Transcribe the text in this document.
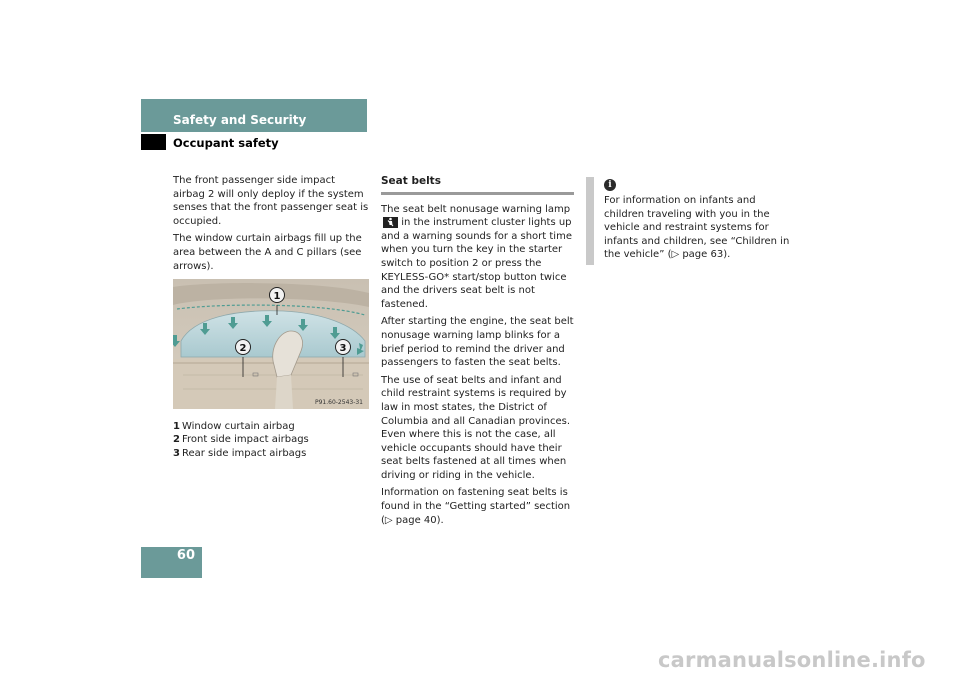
Safety and Security
Occupant safety

The front passenger side impact airbag 2 will only deploy if the system senses that the front passenger seat is occupied.

The window curtain airbags fill up the area between the A and C pillars (see arrows).

1
2	3
P91.60-2543-31
1 Window curtain airbag
2 Front side impact airbags
3 Rear side impact airbags
Seat belts

The seat belt nonusage warning lamp  in the instrument cluster lights up and a warning sounds for a short time when you turn the key in the starter switch to position 2 or press the KEYLESS-GO* start/stop button twice and the drivers seat belt is not fastened.

After starting the engine, the seat belt nonusage warning lamp blinks for a brief period to remind the driver and passengers to fasten the seat belts.

The use of seat belts and infant and child restraint systems is required by law in most states, the District of Columbia and all Canadian provinces. Even where this is not the case, all vehicle occupants should have their seat belts fastened at all times when driving or riding in the vehicle.

Information on fastening seat belts is found in the “Getting started” section (▷ page 40).

i

For information on infants and children traveling with you in the vehicle and restraint systems for infants and children, see “Children in the vehicle” (▷ page 63).

60
carmanualsonline.info
